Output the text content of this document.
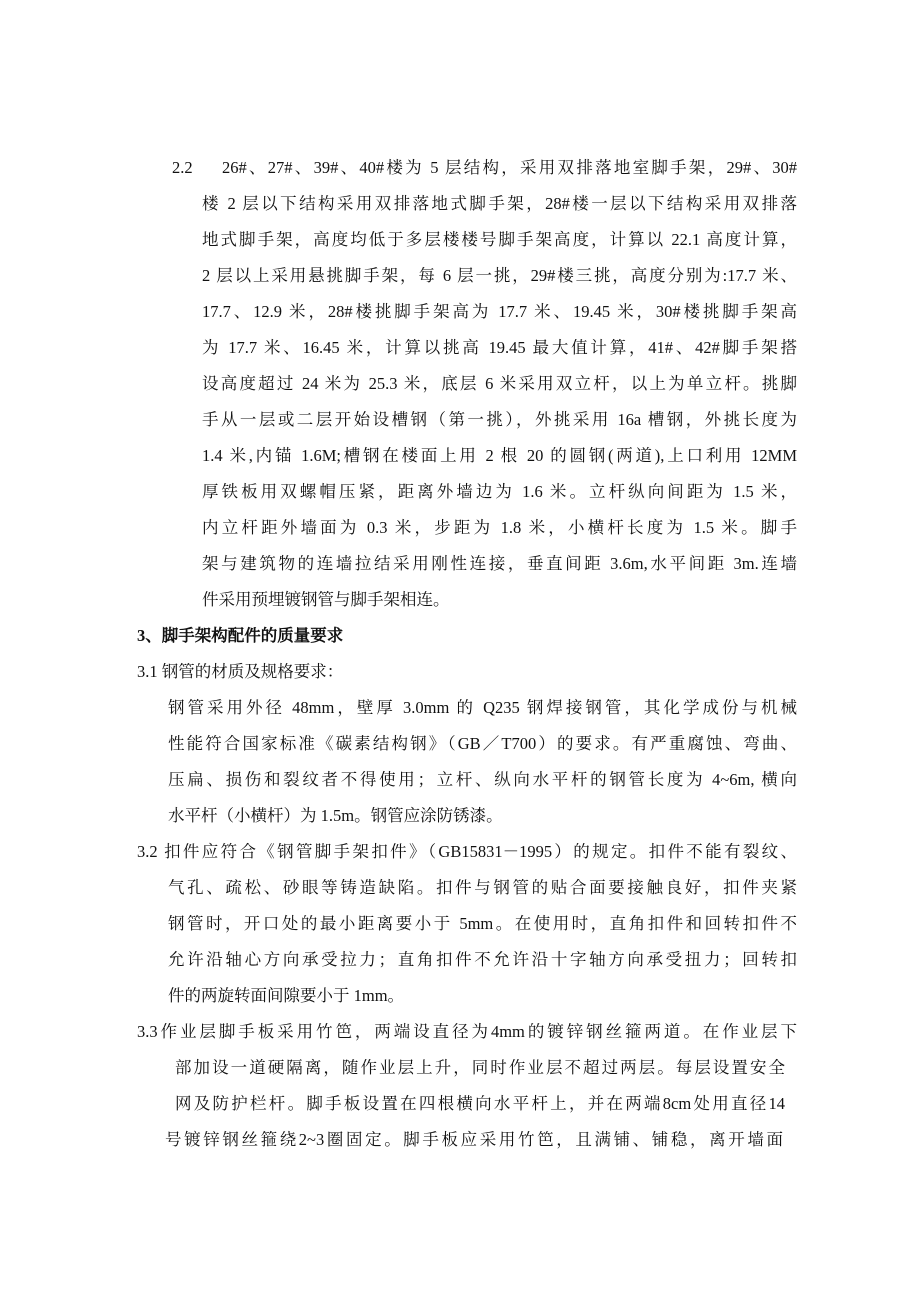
2.2	26#、27#、39#、40#楼为 5 层结构，采用双排落地室脚手架，29#、30#
楼 2 层以下结构采用双排落地式脚手架，28#楼一层以下结构采用双排落
地式脚手架，高度均低于多层楼楼号脚手架高度，计算以 22.1 高度计算，
2 层以上采用悬挑脚手架，每 6 层一挑，29#楼三挑，高度分别为:17.7 米、
17.7、12.9 米，28#楼挑脚手架高为 17.7 米、19.45 米，30#楼挑脚手架高
为 17.7 米、16.45 米，计算以挑高 19.45 最大值计算，41#、42#脚手架搭
设高度超过 24 米为 25.3 米，底层 6 米采用双立杆，以上为单立杆。挑脚
手从一层或二层开始设槽钢（第一挑），外挑采用 16a 槽钢，外挑长度为
1.4 米,内锚 1.6M;槽钢在楼面上用 2 根 20 的圆钢(两道),上口利用 12MM
厚铁板用双螺帽压紧，距离外墙边为 1.6 米。立杆纵向间距为 1.5 米，
内立杆距外墙面为 0.3 米，步距为 1.8 米，小横杆长度为 1.5 米。脚手
架与建筑物的连墙拉结采用刚性连接，垂直间距 3.6m,水平间距 3m.连墙
件采用预埋镀钢管与脚手架相连。
3、脚手架构配件的质量要求
3.1 钢管的材质及规格要求：
钢管采用外径 48mm，壁厚 3.0mm 的 Q235 钢焊接钢管，其化学成份与机械
性能符合国家标准《碳素结构钢》（GB／T700）的要求。有严重腐蚀、弯曲、
压扁、损伤和裂纹者不得使用；立杆、纵向水平杆的钢管长度为 4~6m, 横向
水平杆（小横杆）为 1.5m。钢管应涂防锈漆。
3.2 扣件应符合《钢管脚手架扣件》（GB15831－1995）的规定。扣件不能有裂纹、
气孔、疏松、砂眼等铸造缺陷。扣件与钢管的贴合面要接触良好，扣件夹紧
钢管时，开口处的最小距离要小于 5mm。在使用时，直角扣件和回转扣件不
允许沿轴心方向承受拉力；直角扣件不允许沿十字轴方向承受扭力；回转扣
件的两旋转面间隙要小于 1mm。
3.3作业层脚手板采用竹笆，两端设直径为4mm的镀锌钢丝箍两道。在作业层下
部加设一道硬隔离，随作业层上升，同时作业层不超过两层。每层设置安全
网及防护栏杆。脚手板设置在四根横向水平杆上，并在两端8cm处用直径14
号镀锌钢丝箍绕2~3圈固定。脚手板应采用竹笆，且满铺、铺稳，离开墙面
